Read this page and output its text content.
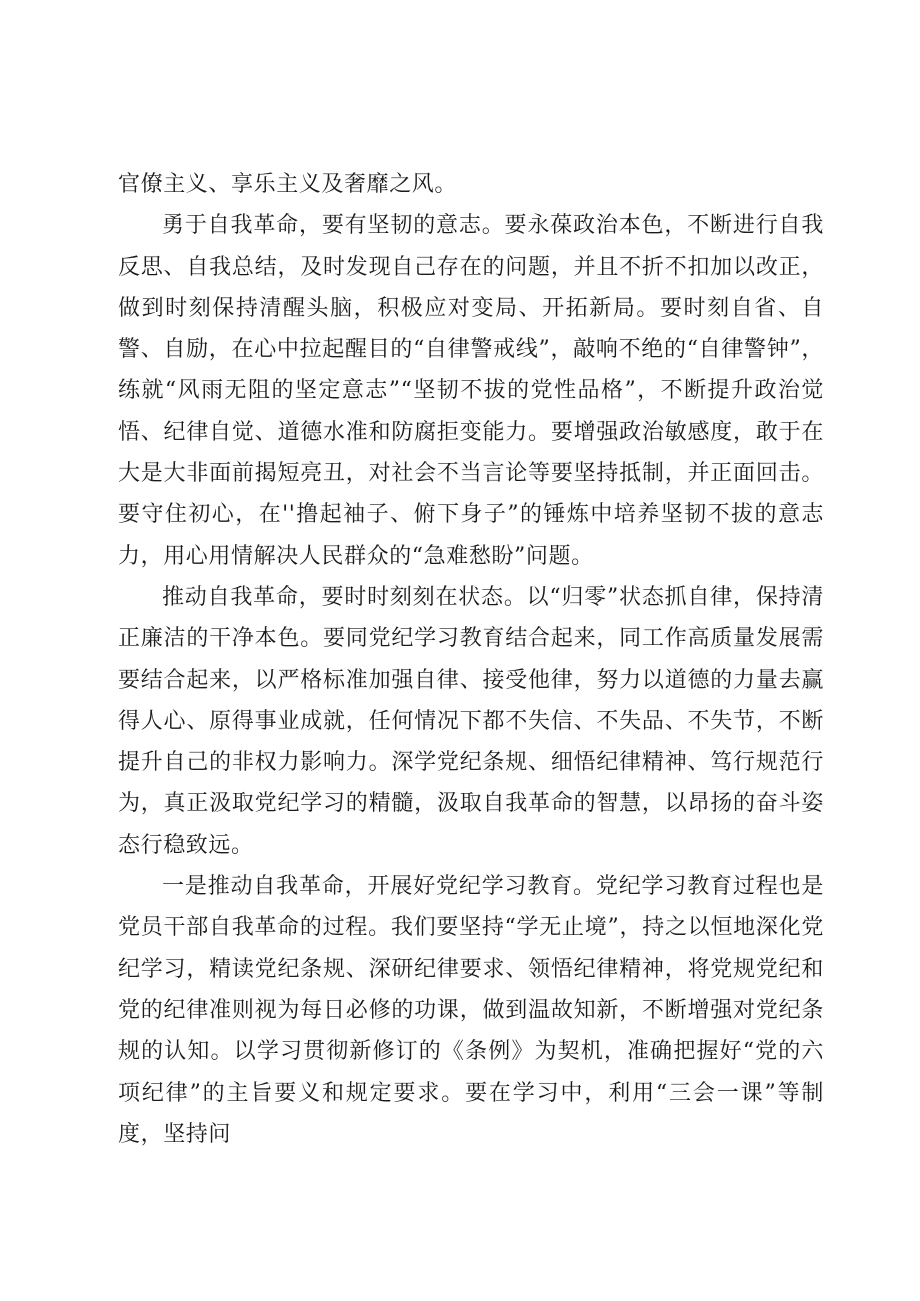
官僚主义、享乐主义及奢靡之风。

勇于自我革命，要有坚韧的意志。要永葆政治本色，不断进行自我反思、自我总结，及时发现自己存在的问题，并且不折不扣加以改正，做到时刻保持清醒头脑，积极应对变局、开拓新局。要时刻自省、自警、自励，在心中拉起醒目的“自律警戒线”，敲响不绝的“自律警钟”，练就“风雨无阻的坚定意志”“坚韧不拔的党性品格”，不断提升政治觉悟、纪律自觉、道德水准和防腐拒变能力。要增强政治敏感度，敢于在大是大非面前揭短亮丑，对社会不当言论等要坚持抵制，并正面回击。要守住初心，在''撸起袖子、俯下身子”的锤炼中培养坚韧不拔的意志力，用心用情解决人民群众的“急难愁盼”问题。

推动自我革命，要时时刻刻在状态。以“归零”状态抓自律，保持清正廉洁的干净本色。要同党纪学习教育结合起来，同工作高质量发展需要结合起来，以严格标准加强自律、接受他律，努力以道德的力量去赢得人心、原得事业成就，任何情况下都不失信、不失品、不失节，不断提升自己的非权力影响力。深学党纪条规、细悟纪律精神、笃行规范行为，真正汲取党纪学习的精髓，汲取自我革命的智慧，以昂扬的奋斗姿态行稳致远。

一是推动自我革命，开展好党纪学习教育。党纪学习教育过程也是党员干部自我革命的过程。我们要坚持“学无止境”，持之以恒地深化党纪学习，精读党纪条规、深研纪律要求、领悟纪律精神，将党规党纪和党的纪律准则视为每日必修的功课，做到温故知新，不断增强对党纪条规的认知。以学习贯彻新修订的《条例》为契机，准确把握好“党的六项纪律”的主旨要义和规定要求。要在学习中，利用“三会一课”等制度，坚持问
